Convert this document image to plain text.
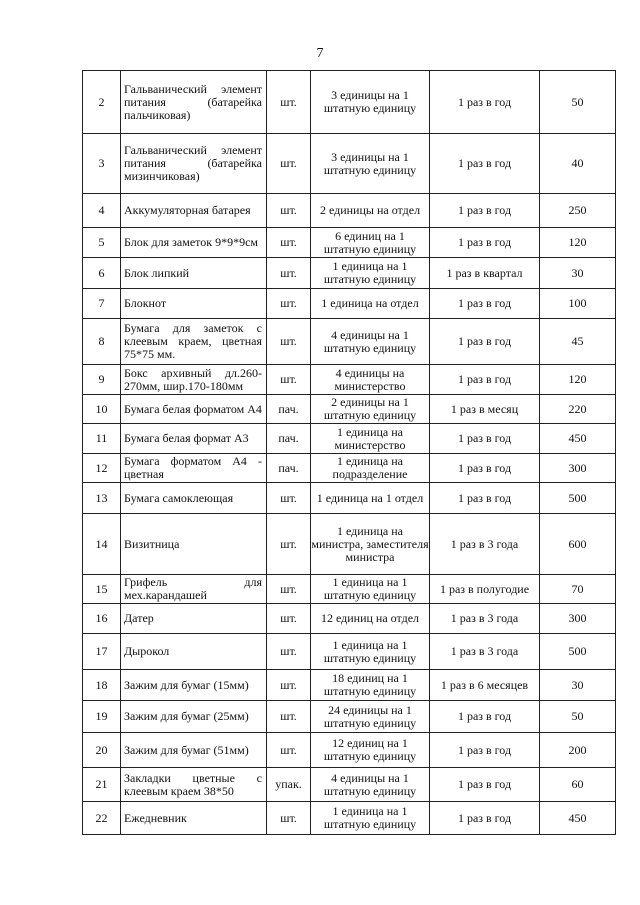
7
2	Гальванический элемент питания (батарейка пальчиковая)	шт.	3 единицы на 1 штатную единицу	1 раз в год	50
3	Гальванический элемент питания (батарейка мизинчиковая)	шт.	3 единицы на 1 штатную единицу	1 раз в год	40
4	Аккумуляторная батарея	шт.	2 единицы на отдел	1 раз в год	250
5	Блок для заметок 9*9*9см	шт.	6 единиц на 1 штатную единицу	1 раз в год	120
6	Блок липкий	шт.	1 единица на 1 штатную единицу	1 раз в квартал	30
7	Блокнот	шт.	1 единица на отдел	1 раз в год	100
8	Бумага для заметок с клеевым краем, цветная 75*75 мм.	шт.	4 единицы на 1 штатную единицу	1 раз в год	45
9	Бокс архивный дл.260-270мм, шир.170-180мм	шт.	4 единицы на министерство	1 раз в год	120
10	Бумага белая форматом А4	пач.	2 единицы на 1 штатную единицу	1 раз в месяц	220
11	Бумага белая формат А3	пач.	1 единица на министерство	1 раз в год	450
12	Бумага форматом А4 - цветная	пач.	1 единица на подразделение	1 раз в год	300
13	Бумага самоклеющая	шт.	1 единица на 1 отдел	1 раз в год	500
14	Визитница	шт.	1 единица на министра, заместителя министра	1 раз в 3 года	600
15	Грифель для мех.карандашей	шт.	1 единица на 1 штатную единицу	1 раз в полугодие	70
16	Датер	шт.	12 единиц на отдел	1 раз в 3 года	300
17	Дырокол	шт.	1 единица на 1 штатную единицу	1 раз в 3 года	500
18	Зажим для бумаг (15мм)	шт.	18 единиц на 1 штатную единицу	1 раз в 6 месяцев	30
19	Зажим для бумаг (25мм)	шт.	24 единицы на 1 штатную единицу	1 раз в год	50
20	Зажим для бумаг (51мм)	шт.	12 единиц на 1 штатную единицу	1 раз в год	200
21	Закладки цветные с клеевым краем 38*50	упак.	4 единицы на 1 штатную единицу	1 раз в год	60
22	Ежедневник	шт.	1 единица на 1 штатную единицу	1 раз в год	450
